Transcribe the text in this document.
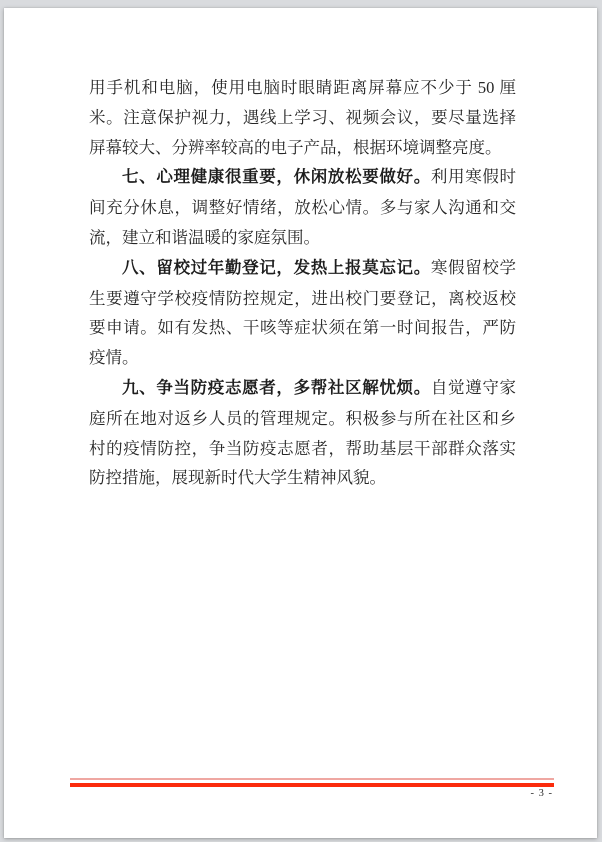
用手机和电脑，使用电脑时眼睛距离屏幕应不少于 50 厘米。注意保护视力，遇线上学习、视频会议，要尽量选择屏幕较大、分辨率较高的电子产品，根据环境调整亮度。

七、心理健康很重要，休闲放松要做好。利用寒假时间充分休息，调整好情绪，放松心情。多与家人沟通和交流，建立和谐温暖的家庭氛围。

八、留校过年勤登记，发热上报莫忘记。寒假留校学生要遵守学校疫情防控规定，进出校门要登记，离校返校要申请。如有发热、干咳等症状须在第一时间报告，严防疫情。

九、争当防疫志愿者，多帮社区解忧烦。自觉遵守家庭所在地对返乡人员的管理规定。积极参与所在社区和乡村的疫情防控，争当防疫志愿者，帮助基层干部群众落实防控措施，展现新时代大学生精神风貌。

- 3 -
